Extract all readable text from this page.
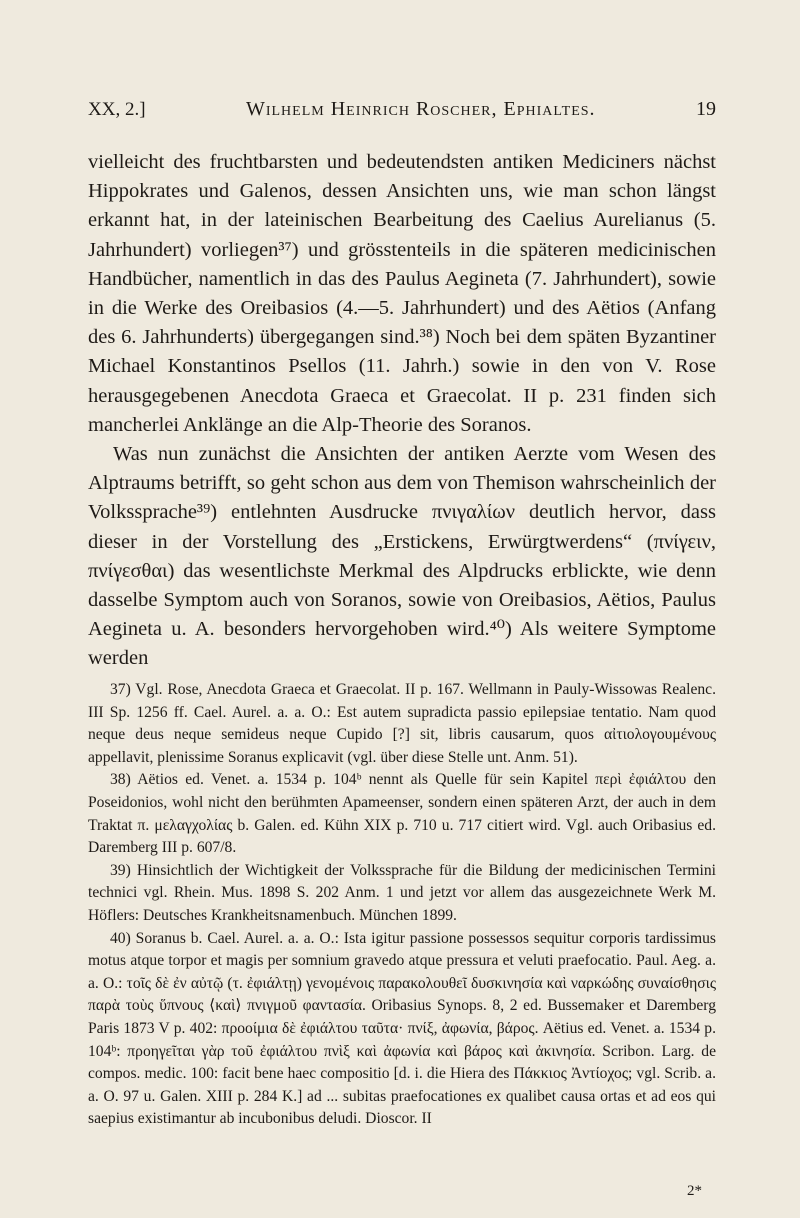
XX, 2.]	Wilhelm Heinrich Roscher, Ephialtes.	19

vielleicht des fruchtbarsten und bedeutendsten antiken Mediciners nächst Hippokrates und Galenos, dessen Ansichten uns, wie man schon längst erkannt hat, in der lateinischen Bearbeitung des Caelius Aurelianus (5. Jahrhundert) vorliegen³⁷) und grösstenteils in die späteren medicinischen Handbücher, namentlich in das des Paulus Aegineta (7. Jahrhundert), sowie in die Werke des Oreibasios (4.—5. Jahrhundert) und des Aëtios (Anfang des 6. Jahrhunderts) übergegangen sind.³⁸) Noch bei dem späten Byzantiner Michael Konstantinos Psellos (11. Jahrh.) sowie in den von V. Rose herausgegebenen Anecdota Graeca et Graecolat. II p. 231 finden sich mancherlei Anklänge an die Alp-Theorie des Soranos.

Was nun zunächst die Ansichten der antiken Aerzte vom Wesen des Alptraums betrifft, so geht schon aus dem von Themison wahrscheinlich der Volkssprache³⁹) entlehnten Ausdrucke πνιγαλίων deutlich hervor, dass dieser in der Vorstellung des „Erstickens, Erwürgtwerdens“ (πνίγειν, πνίγεσθαι) das wesentlichste Merkmal des Alpdrucks erblickte, wie denn dasselbe Symptom auch von Soranos, sowie von Oreibasios, Aëtios, Paulus Aegineta u. A. besonders hervorgehoben wird.⁴⁰) Als weitere Symptome werden

37) Vgl. Rose, Anecdota Graeca et Graecolat. II p. 167. Wellmann in Pauly-Wissowas Realenc. III Sp. 1256 ff. Cael. Aurel. a. a. O.: Est autem supradicta passio epilepsiae tentatio. Nam quod neque deus neque semideus neque Cupido [?] sit, libris causarum, quos αἰτιολογουμένους appellavit, plenissime Soranus explicavit (vgl. über diese Stelle unt. Anm. 51).

38) Aëtios ed. Venet. a. 1534 p. 104ᵇ nennt als Quelle für sein Kapitel περὶ ἐφιάλτου den Poseidonios, wohl nicht den berühmten Apameenser, sondern einen späteren Arzt, der auch in dem Traktat π. μελαγχολίας b. Galen. ed. Kühn XIX p. 710 u. 717 citiert wird. Vgl. auch Oribasius ed. Daremberg III p. 607/8.

39) Hinsichtlich der Wichtigkeit der Volkssprache für die Bildung der medicinischen Termini technici vgl. Rhein. Mus. 1898 S. 202 Anm. 1 und jetzt vor allem das ausgezeichnete Werk M. Höflers: Deutsches Krankheitsnamenbuch. München 1899.

40) Soranus b. Cael. Aurel. a. a. O.: Ista igitur passione possessos sequitur corporis tardissimus motus atque torpor et magis per somnium gravedo atque pressura et veluti praefocatio. Paul. Aeg. a. a. O.: τοῖς δὲ ἐν αὐτῷ (τ. ἐφιάλτῃ) γενομένοις παρακολουθεῖ δυσκινησία καὶ ναρκώδης συναίσθησις παρὰ τοὺς ὕπνους ⟨καὶ⟩ πνιγμοῦ φαντασία. Oribasius Synops. 8, 2 ed. Bussemaker et Daremberg Paris 1873 V p. 402: προοίμια δὲ ἐφιάλτου ταῦτα· πνίξ, ἀφωνία, βάρος. Aëtius ed. Venet. a. 1534 p. 104ᵇ: προηγεῖται γὰρ τοῦ ἐφιάλτου πνὶξ καὶ ἀφωνία καὶ βάρος καὶ ἀκινησία. Scribon. Larg. de compos. medic. 100: facit bene haec compositio [d. i. die Hiera des Πάκκιος Ἀντίοχος; vgl. Scrib. a. a. O. 97 u. Galen. XIII p. 284 K.] ad ... subitas praefocationes ex qualibet causa ortas et ad eos qui saepius existimantur ab incubonibus deludi. Dioscor. II

2*
